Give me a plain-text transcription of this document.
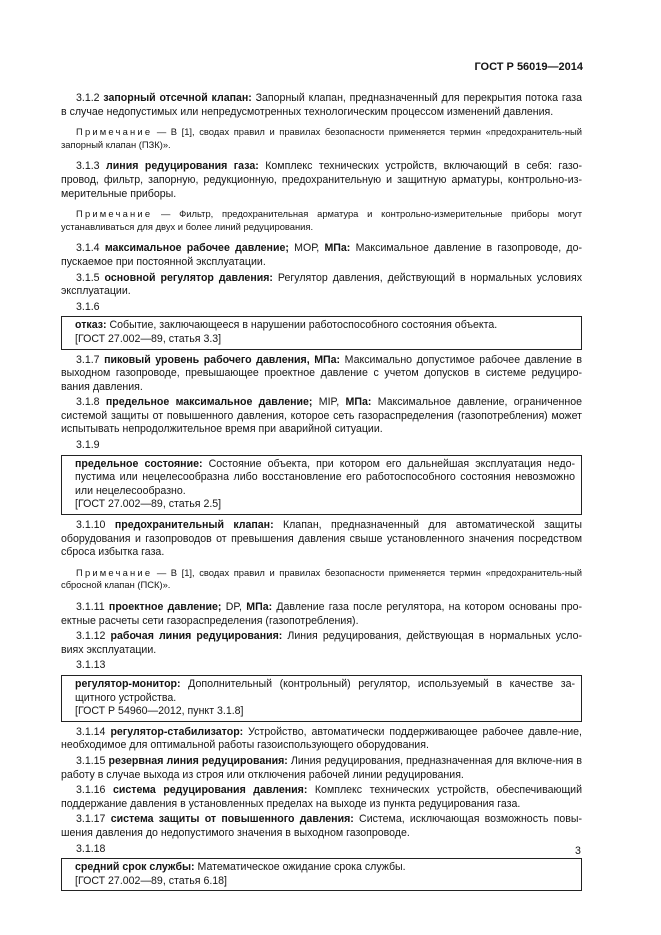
ГОСТ Р 56019—2014

3.1.2 запорный отсечной клапан: Запорный клапан, предназначенный для перекрытия потока газа в случае недопустимых или непредусмотренных технологическим процессом изменений давления.

Примечание — В [1], сводах правил и правилах безопасности применяется термин «предохранитель-ный запорный клапан (ПЗК)».

3.1.3 линия редуцирования газа: Комплекс технических устройств, включающий в себя: газо-провод, фильтр, запорную, редукционную, предохранительную и защитную арматуры, контрольно-из-мерительные приборы.

Примечание — Фильтр, предохранительная арматура и контрольно-измерительные приборы могут устанавливаться для двух и более линий редуцирования.

3.1.4 максимальное рабочее давление; МОР, МПа: Максимальное давление в газопроводе, до-пускаемое при постоянной эксплуатации.

3.1.5 основной регулятор давления: Регулятор давления, действующий в нормальных условиях эксплуатации.

3.1.6

отказ: Событие, заключающееся в нарушении работоспособного состояния объекта.
[ГОСТ 27.002—89, статья 3.3]

3.1.7 пиковый уровень рабочего давления, МПа: Максимально допустимое рабочее давление в выходном газопроводе, превышающее проектное давление с учетом допусков в системе редуциро-вания давления.

3.1.8 предельное максимальное давление; MIP, МПа: Максимальное давление, ограниченное системой защиты от повышенного давления, которое сеть газораспределения (газопотребления) может испытывать непродолжительное время при аварийной ситуации.

3.1.9

предельное состояние: Состояние объекта, при котором его дальнейшая эксплуатация недо-пустима или нецелесообразна либо восстановление его работоспособного состояния невозможно или нецелесообразно.
[ГОСТ 27.002—89, статья 2.5]

3.1.10 предохранительный клапан: Клапан, предназначенный для автоматической защиты оборудования и газопроводов от превышения давления свыше установленного значения посредством сброса избытка газа.

Примечание — В [1], сводах правил и правилах безопасности применяется термин «предохранитель-ный сбросной клапан (ПСК)».

3.1.11 проектное давление; DP, МПа: Давление газа после регулятора, на котором основаны про-ектные расчеты сети газораспределения (газопотребления).

3.1.12 рабочая линия редуцирования: Линия редуцирования, действующая в нормальных усло-виях эксплуатации.

3.1.13

регулятор-монитор: Дополнительный (контрольный) регулятор, используемый в качестве за-щитного устройства.
[ГОСТ Р 54960—2012, пункт 3.1.8]

3.1.14 регулятор-стабилизатор: Устройство, автоматически поддерживающее рабочее давле-ние, необходимое для оптимальной работы газоиспользующего оборудования.

3.1.15 резервная линия редуцирования: Линия редуцирования, предназначенная для включе-ния в работу в случае выхода из строя или отключения рабочей линии редуцирования.

3.1.16 система редуцирования давления: Комплекс технических устройств, обеспечивающий поддержание давления в установленных пределах на выходе из пункта редуцирования газа.

3.1.17 система защиты от повышенного давления: Система, исключающая возможность повы-шения давления до недопустимого значения в выходном газопроводе.

3.1.18

средний срок службы: Математическое ожидание срока службы.
[ГОСТ 27.002—89, статья 6.18]
3
